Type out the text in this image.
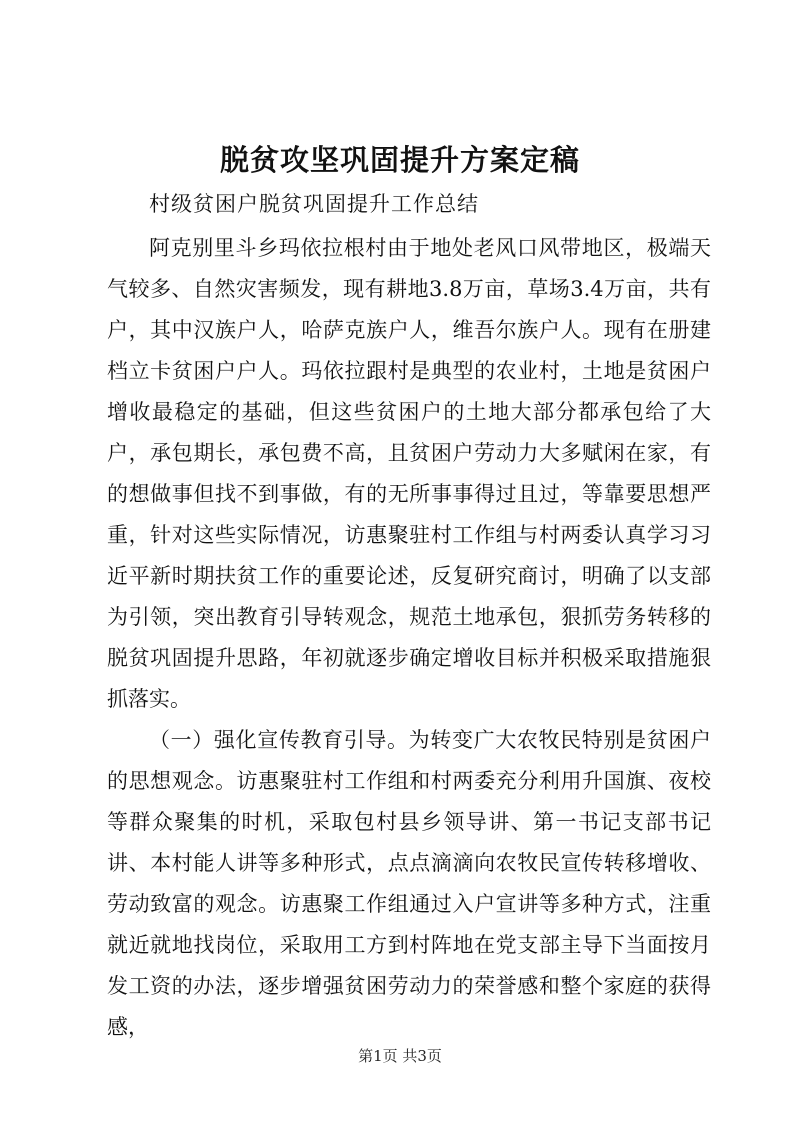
脱贫攻坚巩固提升方案定稿
村级贫困户脱贫巩固提升工作总结

阿克别里斗乡玛依拉根村由于地处老风口风带地区，极端天气较多、自然灾害频发，现有耕地3.8万亩，草场3.4万亩，共有户，其中汉族户人，哈萨克族户人，维吾尔族户人。现有在册建档立卡贫困户户人。玛依拉跟村是典型的农业村，土地是贫困户增收最稳定的基础，但这些贫困户的土地大部分都承包给了大户，承包期长，承包费不高，且贫困户劳动力大多赋闲在家，有的想做事但找不到事做，有的无所事事得过且过，等靠要思想严重，针对这些实际情况，访惠聚驻村工作组与村两委认真学习习近平新时期扶贫工作的重要论述，反复研究商讨，明确了以支部为引领，突出教育引导转观念，规范土地承包，狠抓劳务转移的脱贫巩固提升思路，年初就逐步确定增收目标并积极采取措施狠抓落实。

（一）强化宣传教育引导。为转变广大农牧民特别是贫困户的思想观念。访惠聚驻村工作组和村两委充分利用升国旗、夜校等群众聚集的时机，采取包村县乡领导讲、第一书记支部书记讲、本村能人讲等多种形式，点点滴滴向农牧民宣传转移增收、劳动致富的观念。访惠聚工作组通过入户宣讲等多种方式，注重就近就地找岗位，采取用工方到村阵地在党支部主导下当面按月发工资的办法，逐步增强贫困劳动力的荣誉感和整个家庭的获得感，

第1页 共3页
